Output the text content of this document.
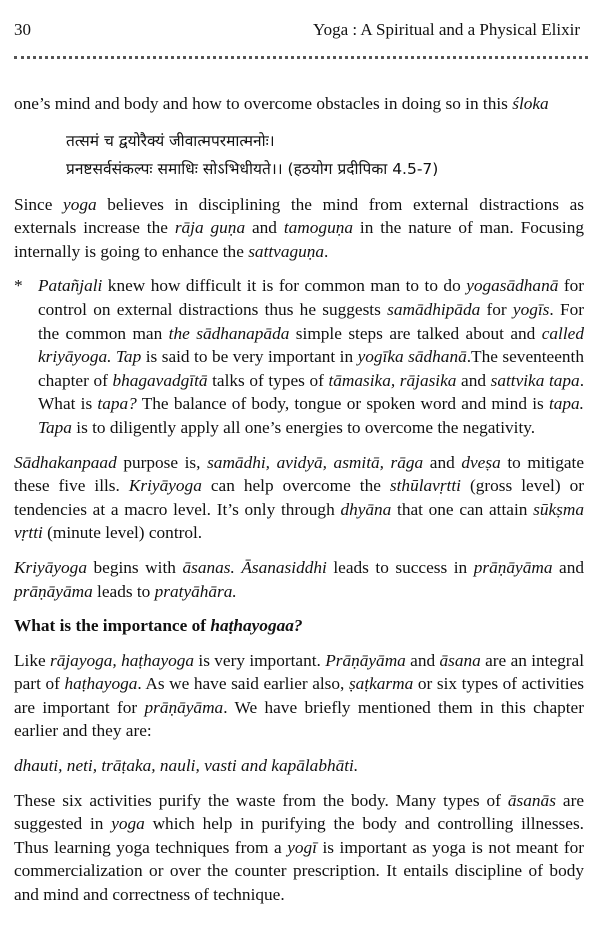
30	Yoga : A Spiritual and a Physical Elixir

one’s mind and body and how to overcome obstacles in doing so in this śloka

तत्समं च द्वयोरैक्यं जीवात्मपरमात्मनोः।
प्रनष्टसर्वसंकल्पः समाधिः सोऽभिधीयते।। (हठयोग प्रदीपिका 4.5-7)

Since yoga believes in disciplining the mind from external distractions as externals increase the rāja guṇa and tamoguṇa in the nature of man. Focusing internally is going to enhance the sattvaguṇa.

* Patañjali knew how difficult it is for common man to to do yogasādhanā for control on external distractions thus he suggests samādhipāda for yogīs. For the common man the sādhanapāda simple steps are talked about and called kriyāyoga. Tap is said to be very important in yogīka sādhanā.The seventeenth chapter of bhagavadgītā talks of types of tāmasika, rājasika and sattvika tapa. What is tapa? The balance of body, tongue or spoken word and mind is tapa. Tapa is to diligently apply all one’s energies to overcome the negativity.

Sādhakanpaad purpose is, samādhi, avidyā, asmitā, rāga and dveṣa to mitigate these five ills. Kriyāyoga can help overcome the sthūlavṛtti (gross level) or tendencies at a macro level. It’s only through dhyāna that one can attain sūkṣma vṛtti (minute level) control.

Kriyāyoga begins with āsanas. Āsanasiddhi leads to success in prāṇāyāma and prāṇāyāma leads to pratyāhāra.

What is the importance of haṭhayogaa?

Like rājayoga, haṭhayoga is very important. Prāṇāyāma and āsana are an integral part of haṭhayoga. As we have said earlier also, ṣaṭkarma or six types of activities are important for prāṇāyāma. We have briefly mentioned them in this chapter earlier and they are:

dhauti, neti, trāṭaka, nauli, vasti and kapālabhāti.

These six activities purify the waste from the body. Many types of āsanās are suggested in yoga which help in purifying the body and controlling illnesses. Thus learning yoga techniques from a yogī is important as yoga is not meant for commercialization or over the counter prescription. It entails discipline of body and mind and correctness of technique.
